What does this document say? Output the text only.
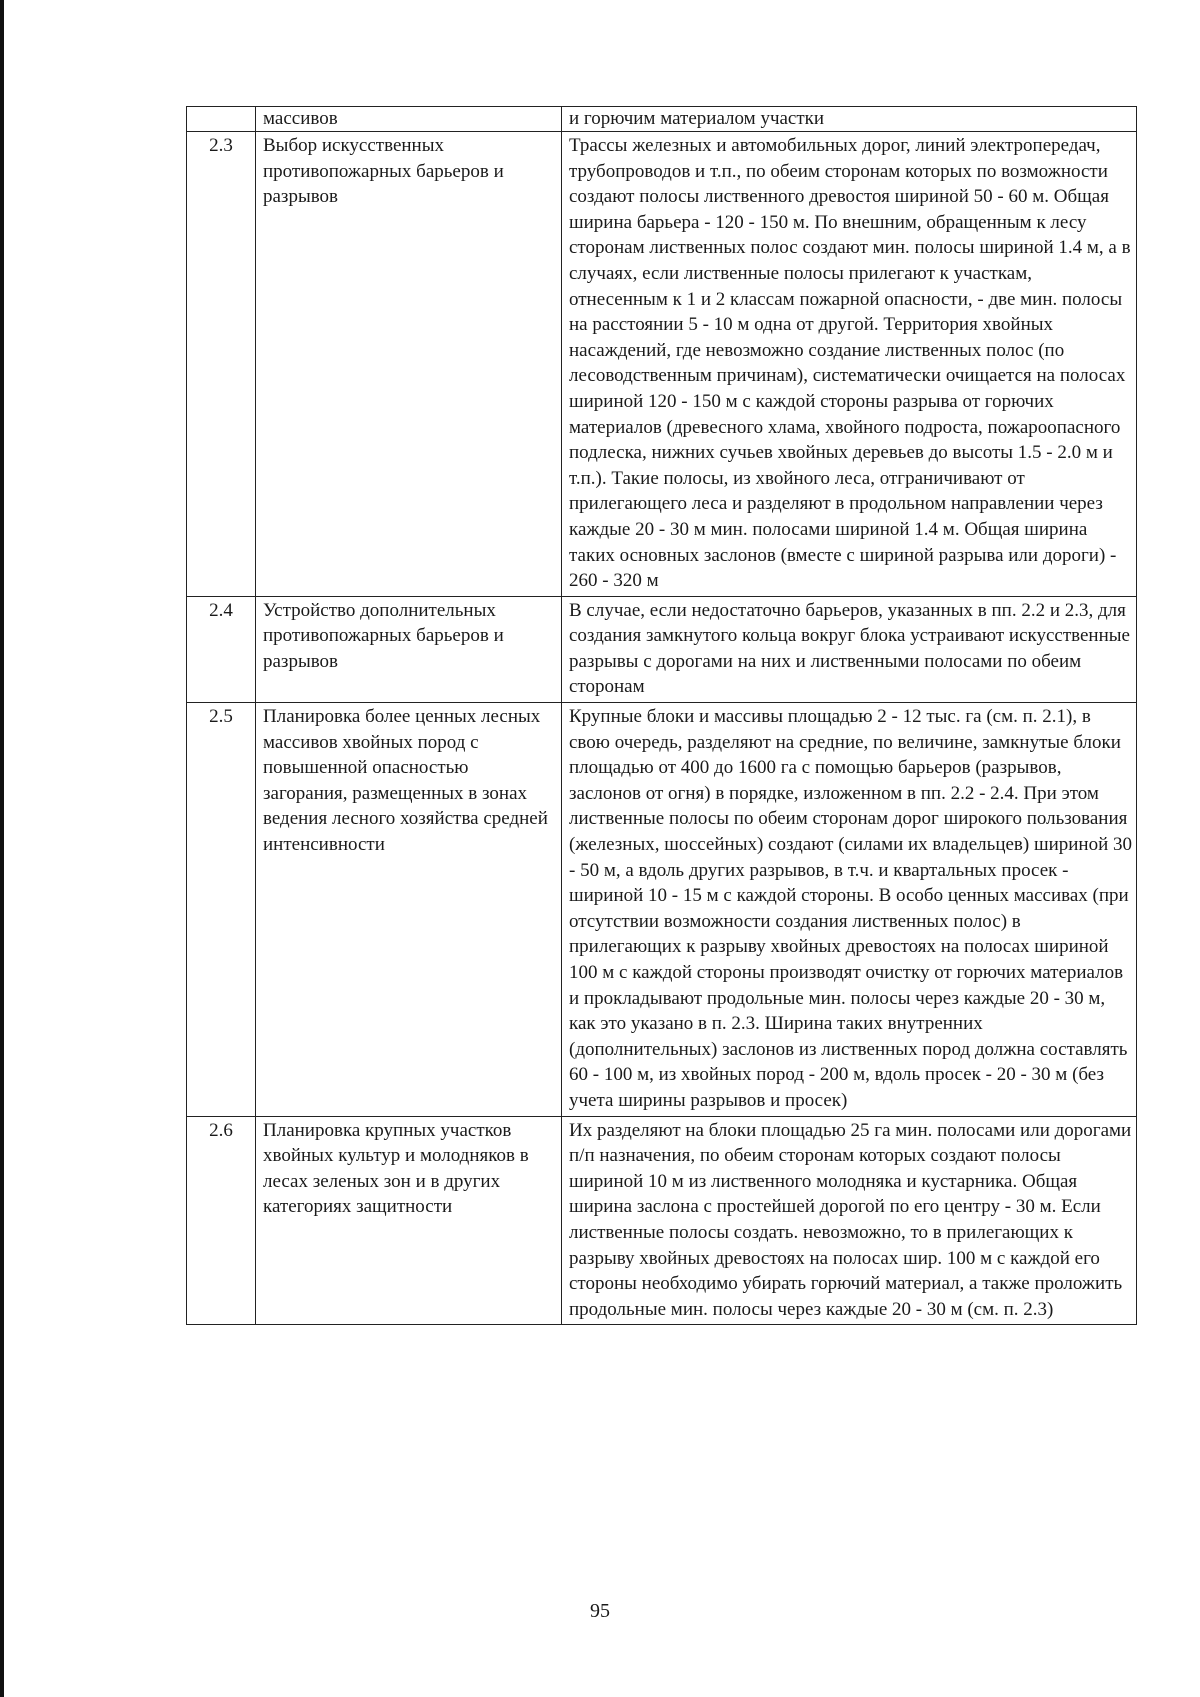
	массивов	и горючим материалом участки
2.3	Выбор искусственных противопожарных барьеров и разрывов	Трассы железных и автомобильных дорог, линий электропередач, трубопроводов и т.п., по обеим сторонам которых по возможности создают полосы лиственного древостоя шириной 50 - 60 м. Общая ширина барьера - 120 - 150 м. По внешним, обращенным к лесу сторонам лиственных полос создают мин. полосы шириной 1.4 м, а в случаях, если лиственные полосы прилегают к участкам, отнесенным к 1 и 2 классам пожарной опасности, - две мин. полосы на расстоянии 5 - 10 м одна от другой. Территория хвойных насаждений, где невозможно создание лиственных полос (по лесоводственным причинам), систематически очищается на полосах шириной 120 - 150 м с каждой стороны разрыва от горючих материалов (древесного хлама, хвойного подроста, пожароопасного подлеска, нижних сучьев хвойных деревьев до высоты 1.5 - 2.0 м и т.п.). Такие полосы, из хвойного леса, отграничивают от прилегающего леса и разделяют в продольном направлении через каждые 20 - 30 м мин. полосами шириной 1.4 м. Общая ширина таких основных заслонов (вместе с шириной разрыва или дороги) - 260 - 320 м
2.4	Устройство дополнительных противопожарных барьеров и разрывов	В случае, если недостаточно барьеров, указанных в пп. 2.2 и 2.3, для создания замкнутого кольца вокруг блока устраивают искусственные разрывы с дорогами на них и лиственными полосами по обеим сторонам
2.5	Планировка более ценных лесных массивов хвойных пород с повышенной опасностью загорания, размещенных в зонах ведения лесного хозяйства средней интенсивности	Крупные блоки и массивы площадью 2 - 12 тыс. га (см. п. 2.1), в свою очередь, разделяют на средние, по величине, замкнутые блоки площадью от 400 до 1600 га с помощью барьеров (разрывов, заслонов от огня) в порядке, изложенном в пп. 2.2 - 2.4. При этом лиственные полосы по обеим сторонам дорог широкого пользования (железных, шоссейных) создают (силами их владельцев) шириной 30 - 50 м, а вдоль других разрывов, в т.ч. и квартальных просек - шириной 10 - 15 м с каждой стороны. В особо ценных массивах (при отсутствии возможности создания лиственных полос) в прилегающих к разрыву хвойных древостоях на полосах шириной 100 м с каждой стороны производят очистку от горючих материалов и прокладывают продольные мин. полосы через каждые 20 - 30 м, как это указано в п. 2.3. Ширина таких внутренних (дополнительных) заслонов из лиственных пород должна составлять 60 - 100 м, из хвойных пород - 200 м, вдоль просек - 20 - 30 м (без учета ширины разрывов и просек)
2.6	Планировка крупных участков хвойных культур и молодняков в лесах зеленых зон и в других категориях защитности	Их разделяют на блоки площадью 25 га мин. полосами или дорогами п/п назначения, по обеим сторонам которых создают полосы шириной 10 м из лиственного молодняка и кустарника. Общая ширина заслона с простейшей дорогой по его центру - 30 м. Если лиственные полосы создать. невозможно, то в прилегающих к разрыву хвойных древостоях на полосах шир. 100 м с каждой его стороны необходимо убирать горючий материал, а также проложить продольные мин. полосы через каждые 20 - 30 м (см. п. 2.3)
95
